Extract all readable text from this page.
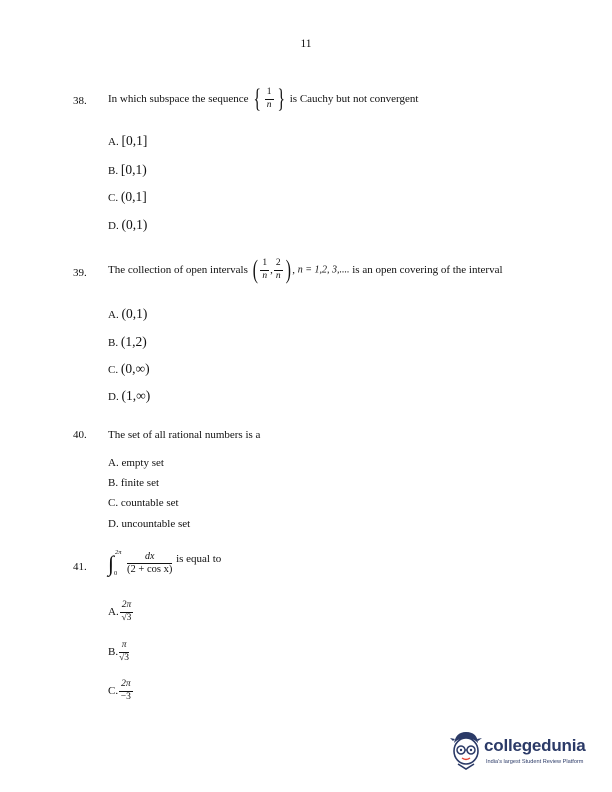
11
38. In which subspace the sequence { $\frac{1}{n}$ } is Cauchy but not convergent
A. [0,1]
B. [0,1)
C. (0,1]
D. (0,1)
39. The collection of open intervals ( $\frac{1}{n}$ , $\frac{2}{n}$ ) , n = 1,2, 3,.... is an open covering of the interval
A. (0,1)
B. (1,2)
C. (0,∞)
D. (1,∞)
40. The set of all rational numbers is a
A. empty set
B. finite set
C. countable set
D. uncountable set
41. ∫ 2π
$0 \frac{dx}{\text{(2 + cos x)}}$ is equal to
A. $\frac{2\pi}{√3}$
B. $\frac{\pi}{√3}$
C. $\frac{2\pi}{-3}$
collegedunia
India's largest Student Review Platform
